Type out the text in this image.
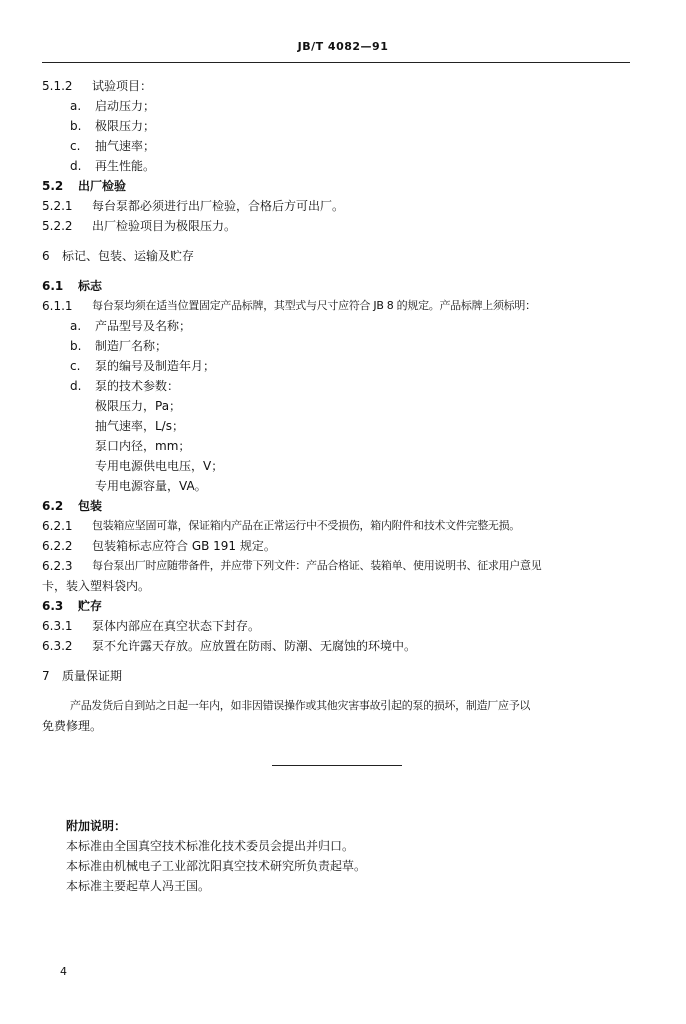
JB/T 4082—91
5.1.2 试验项目：
a. 启动压力；
b. 极限压力；
c. 抽气速率；
d. 再生性能。
5.2 出厂检验
5.2.1 每台泵都必须进行出厂检验，合格后方可出厂。
5.2.2 出厂检验项目为极限压力。
6 标记、包装、运输及贮存
6.1 标志
6.1.1 每台泵均须在适当位置固定产品标牌，其型式与尺寸应符合 JB 8 的规定。产品标牌上须标明：
a. 产品型号及名称；
b. 制造厂名称；
c. 泵的编号及制造年月；
d. 泵的技术参数：
极限压力，Pa；
抽气速率，L/s；
泵口内径，mm；
专用电源供电电压，V；
专用电源容量，VA。
6.2 包装
6.2.1 包装箱应坚固可靠，保证箱内产品在正常运行中不受损伤，箱内附件和技术文件完整无损。
6.2.2 包装箱标志应符合 GB 191 规定。
6.2.3 每台泵出厂时应随带备件，并应带下列文件：产品合格证、装箱单、使用说明书、征求用户意见
卡，装入塑料袋内。
6.3 贮存
6.3.1 泵体内部应在真空状态下封存。
6.3.2 泵不允许露天存放。应放置在防雨、防潮、无腐蚀的环境中。
7 质量保证期
产品发货后自到站之日起一年内，如非因错误操作或其他灾害事故引起的泵的损坏，制造厂应予以
免费修理。
附加说明：
本标准由全国真空技术标准化技术委员会提出并归口。
本标准由机械电子工业部沈阳真空技术研究所负责起草。
本标准主要起草人冯王国。
4
